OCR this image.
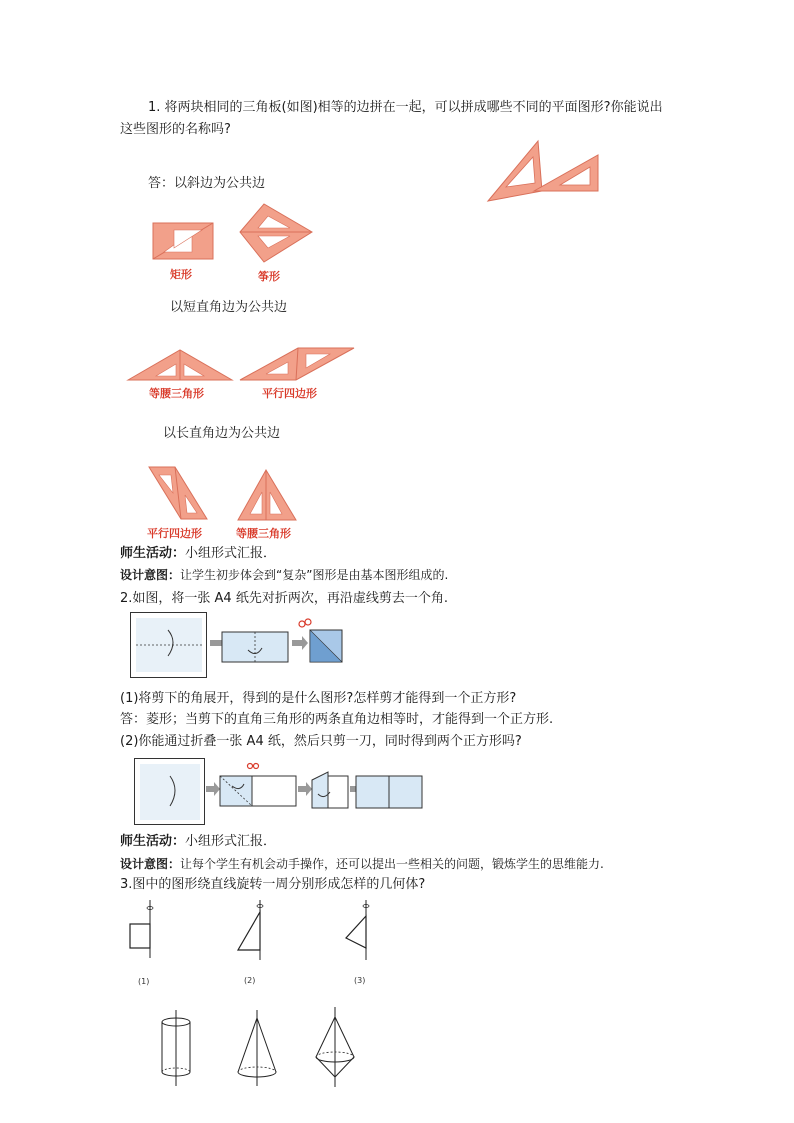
1. 将两块相同的三角板(如图)相等的边拼在一起，可以拼成哪些不同的平面图形?你能说出
这些图形的名称吗?
答：以斜边为公共边
矩形	筝形
以短直角边为公共边
等腰三角形	平行四边形
以长直角边为公共边
平行四边形	等腰三角形
师生活动：小组形式汇报．
设计意图：让学生初步体会到“复杂”图形是由基本图形组成的.
2.如图，将一张 A4 纸先对折两次，再沿虚线剪去一个角.
(1)将剪下的角展开，得到的是什么图形?怎样剪才能得到一个正方形?
答：菱形；当剪下的直角三角形的两条直角边相等时，才能得到一个正方形.
(2)你能通过折叠一张 A4 纸，然后只剪一刀，同时得到两个正方形吗?
师生活动：小组形式汇报．
设计意图：让每个学生有机会动手操作，还可以提出一些相关的问题，锻炼学生的思维能力.
3.图中的图形绕直线旋转一周分别形成怎样的几何体?
(1)	(2)	(3)
